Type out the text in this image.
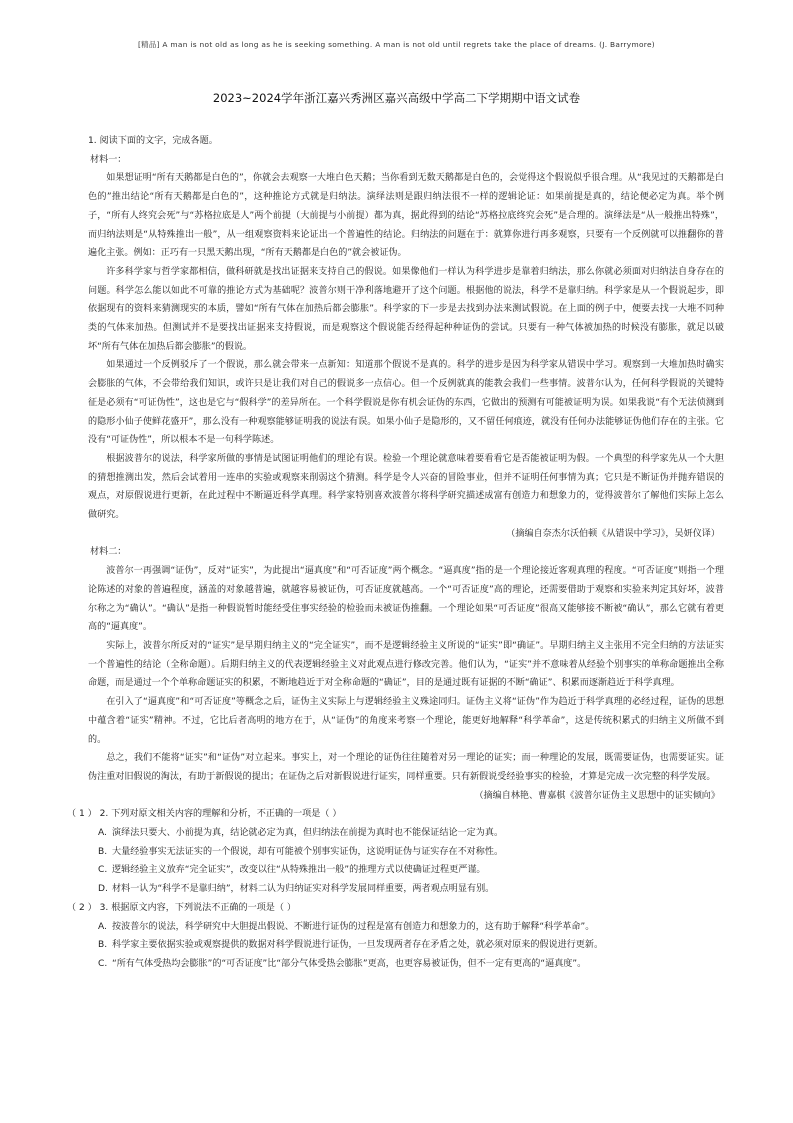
[精品] A man is not old as long as he is seeking something. A man is not old until regrets take the place of dreams. (J. Barrymore)
2023~2024学年浙江嘉兴秀洲区嘉兴高级中学高二下学期期中语文试卷

1. 阅读下面的文字，完成各题。

材料一：

如果想证明“所有天鹅都是白色的”，你就会去观察一大堆白色天鹅；当你看到无数天鹅都是白色的，会觉得这个假说似乎很合理。从“我见过的天鹅都是白色的”推出结论“所有天鹅都是白色的”，这种推论方式就是归纳法。演绎法则是跟归纳法很不一样的逻辑论证：如果前提是真的，结论便必定为真。举个例子，“所有人终究会死”与“苏格拉底是人”两个前提（大前提与小前提）都为真，据此得到的结论“苏格拉底终究会死”是合理的。演绎法是“从一般推出特殊”，而归纳法则是“从特殊推出一般”，从一组观察资料来论证出一个普遍性的结论。归纳法的问题在于：就算你进行再多观察，只要有一个反例就可以推翻你的普遍化主张。例如：正巧有一只黑天鹅出现，“所有天鹅都是白色的”就会被证伪。

许多科学家与哲学家都相信，做科研就是找出证据来支持自己的假说。如果像他们一样认为科学进步是靠着归纳法，那么你就必须面对归纳法自身存在的问题。科学怎么能以如此不可靠的推论方式为基础呢？波普尔则干净利落地避开了这个问题。根据他的说法，科学不是靠归纳。科学家是从一个假说起步，即依据现有的资料来猜测现实的本质，譬如“所有气体在加热后都会膨胀”。科学家的下一步是去找到办法来测试假说。在上面的例子中，便要去找一大堆不同种类的气体来加热。但测试并不是要找出证据来支持假说，而是观察这个假说能否经得起种种证伪的尝试。只要有一种气体被加热的时候没有膨胀，就足以破坏“所有气体在加热后都会膨胀”的假说。

如果通过一个反例驳斥了一个假说，那么就会带来一点新知：知道那个假说不是真的。科学的进步是因为科学家从错误中学习。观察到一大堆加热时确实会膨胀的气体，不会带给我们知识，或许只是让我们对自己的假说多一点信心。但一个反例就真的能教会我们一些事情。波普尔认为，任何科学假说的关键特征是必须有“可证伪性”，这也是它与“假科学”的差异所在。一个科学假说是你有机会证伪的东西，它做出的预测有可能被证明为误。如果我说“有个无法侦测到的隐形小仙子使鲜花盛开”，那么没有一种观察能够证明我的说法有误。如果小仙子是隐形的，又不留任何痕迹，就没有任何办法能够证伪他们存在的主张。它没有“可证伪性”，所以根本不是一句科学陈述。

根据波普尔的说法，科学家所做的事情是试图证明他们的理论有误。检验一个理论就意味着要看看它是否能被证明为假。一个典型的科学家先从一个大胆的猜想推测出发，然后会试着用一连串的实验或观察来削弱这个猜测。科学是令人兴奋的冒险事业，但并不证明任何事情为真；它只是不断证伪并抛弃错误的观点，对原假说进行更新，在此过程中不断逼近科学真理。科学家特别喜欢波普尔将科学研究描述成富有创造力和想象力的，觉得波普尔了解他们实际上怎么做研究。

（摘编自奈杰尔沃伯顿《从错误中学习》，吴妍仪译）

材料二：

波普尔一再强调“证伪”，反对“证实”，为此提出“逼真度”和“可否证度”两个概念。“逼真度”指的是一个理论接近客观真理的程度。“可否证度”则指一个理论陈述的对象的普遍程度，涵盖的对象越普遍，就越容易被证伪，可否证度就越高。一个“可否证度”高的理论，还需要借助于观察和实验来判定其好坏，波普尔称之为“确认”。“确认”是指一种假说暂时能经受住事实经验的检验而未被证伪推翻。一个理论如果“可否证度”很高又能够接不断被“确认”，那么它就有着更高的“逼真度”。

实际上，波普尔所反对的“证实”是早期归纳主义的“完全证实”，而不是逻辑经验主义所说的“证实”即“确证”。早期归纳主义主张用不完全归纳的方法证实一个普遍性的结论（全称命题）。后期归纳主义的代表逻辑经验主义对此观点进行修改完善。他们认为，“证实”并不意味着从经验个别事实的单称命题推出全称命题，而是通过一个个单称命题证实的积累，不断地趋近于对全称命题的“确证”，目的是通过既有证据的不断“确证”、积累而逐渐趋近于科学真理。

在引入了“逼真度”和“可否证度”等概念之后，证伪主义实际上与逻辑经验主义殊途同归。证伪主义将“证伪”作为趋近于科学真理的必经过程，证伪的思想中蕴含着“证实”精神。不过，它比后者高明的地方在于，从“证伪”的角度来考察一个理论，能更好地解释“科学革命”，这是传统积累式的归纳主义所做不到的。

总之，我们不能将“证实”和“证伪”对立起来。事实上，对一个理论的证伪往往随着对另一理论的证实；而一种理论的发展，既需要证伪，也需要证实。证伪注重对旧假说的淘汰，有助于新假说的提出；在证伪之后对新假说进行证实，同样重要。只有新假说受经验事实的检验，才算是完成一次完整的科学发展。

（摘编自林艳、曹嘉棋《波普尔证伪主义思想中的证实倾向》

（ 1 ） 2. 下列对原文相关内容的理解和分析，不正确的一项是（ ）

A. 演绎法只要大、小前提为真，结论就必定为真，但归纳法在前提为真时也不能保证结论一定为真。

B. 大量经验事实无法证实的一个假说，却有可能被个别事实证伪，这说明证伪与证实存在不对称性。

C. 逻辑经验主义放弃“完全证实”，改变以往“从特殊推出一般”的推理方式以使确证过程更严谨。

D. 材料一认为“科学不是靠归纳”，材料二认为归纳证实对科学发展同样重要，两者观点明显有别。

（ 2 ） 3. 根据原文内容，下列说法不正确的一项是（ ）

A. 按波普尔的说法，科学研究中大胆提出假说、不断进行证伪的过程是富有创造力和想象力的，这有助于解释“科学革命”。

B. 科学家主要依据实验或观察提供的数据对科学假说进行证伪，一旦发现两者存在矛盾之处，就必须对原来的假说进行更新。

C. “所有气体受热均会膨胀”的“可否证度”比“部分气体受热会膨胀”更高，也更容易被证伪，但不一定有更高的“逼真度”。
